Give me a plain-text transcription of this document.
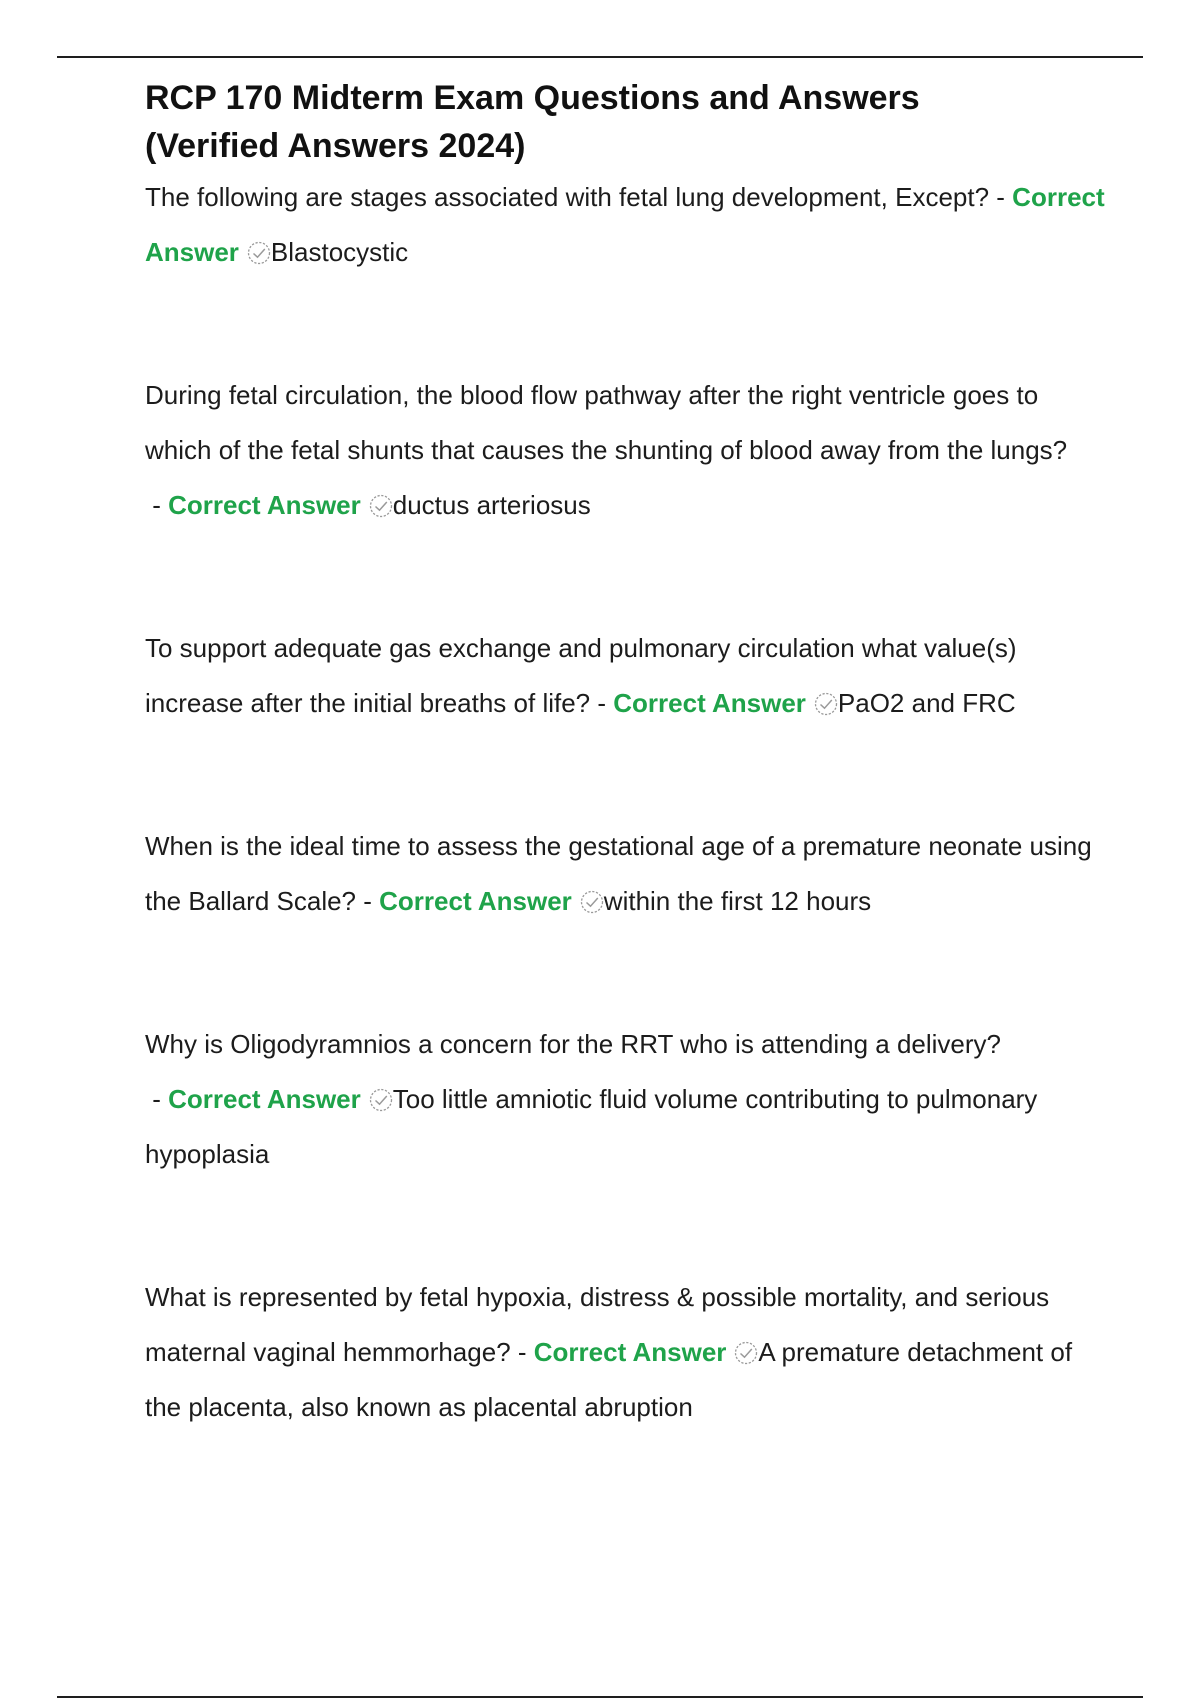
RCP 170 Midterm Exam Questions and Answers
(Verified Answers 2024)

The following are stages associated with fetal lung development, Except? - Correct Answer Blastocystic

During fetal circulation, the blood flow pathway after the right ventricle goes to which of the fetal shunts that causes the shunting of blood away from the lungs? - Correct Answer ductus arteriosus

To support adequate gas exchange and pulmonary circulation what value(s) increase after the initial breaths of life? - Correct Answer PaO2 and FRC

When is the ideal time to assess the gestational age of a premature neonate using the Ballard Scale? - Correct Answer within the first 12 hours

Why is Oligodyramnios a concern for the RRT who is attending a delivery? - Correct Answer Too little amniotic fluid volume contributing to pulmonary hypoplasia

What is represented by fetal hypoxia, distress & possible mortality, and serious maternal vaginal hemmorhage? - Correct Answer A premature detachment of the placenta, also known as placental abruption
